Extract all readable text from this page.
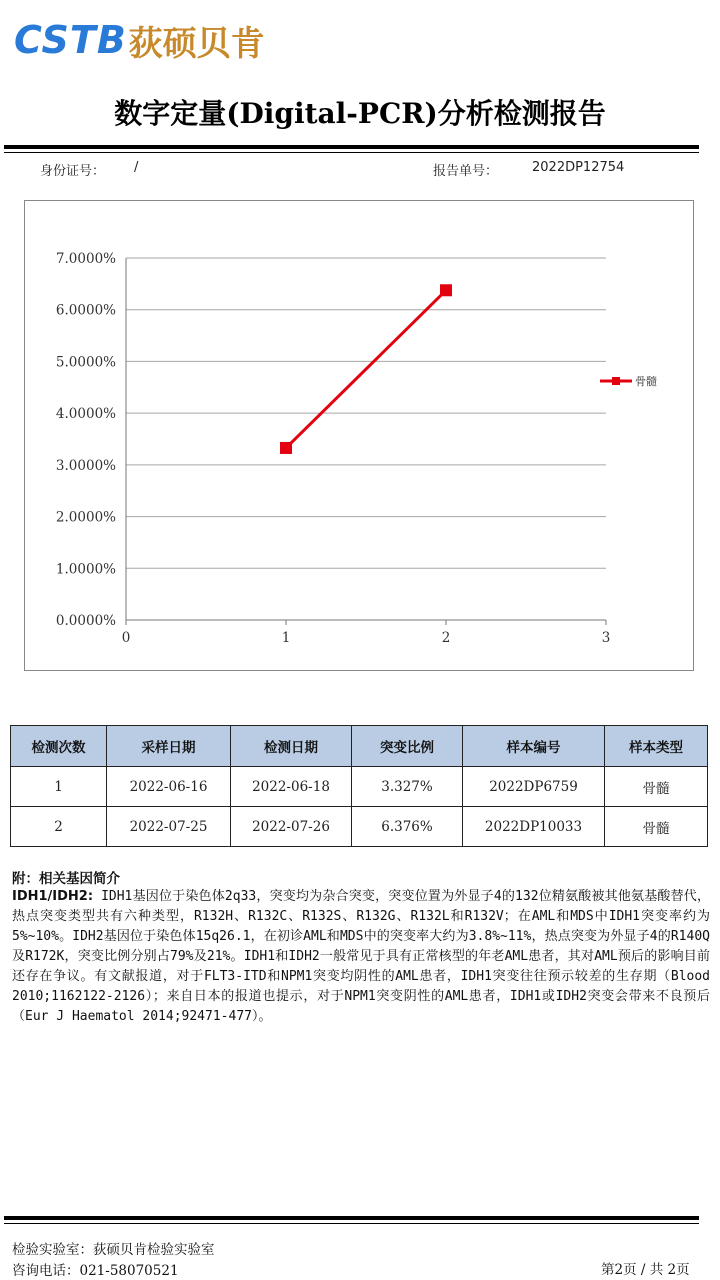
CSTB 荻硕贝肯
数字定量(Digital-PCR)分析检测报告
身份证号： /	报告单号：	2022DP12754
0.0000%
1.0000%
2.0000%
3.0000%
4.0000%
5.0000%
6.0000%
7.0000%
0	1	2	3
骨髓
检测次数	采样日期	检测日期	突变比例	样本编号	样本类型
1	2022-06-16	2022-06-18	3.327%	2022DP6759	骨髓
2	2022-07-25	2022-07-26	6.376%	2022DP10033	骨髓
附：相关基因简介
IDH1/IDH2: IDH1基因位于染色体2q33，突变均为杂合突变，突变位置为外显子4的132位精氨酸被其他氨基酸替代，热点突变类型共有六种类型，R132H、R132C、R132S、R132G、R132L和R132V；在AML和MDS中IDH1突变率约为5%~10%。IDH2基因位于染色体15q26.1，在初诊AML和MDS中的突变率大约为3.8%~11%，热点突变为外显子4的R140Q及R172K，突变比例分别占79%及21%。IDH1和IDH2一般常见于具有正常核型的年老AML患者，其对AML预后的影响目前还存在争议。有文献报道，对于FLT3-ITD和NPM1突变均阴性的AML患者，IDH1突变往往预示较差的生存期（Blood 2010;1162122-2126）；来自日本的报道也提示，对于NPM1突变阴性的AML患者，IDH1或IDH2突变会带来不良预后（Eur J Haematol 2014;92471-477）。
检验实验室：荻硕贝肯检验实验室
咨询电话：021-58070521	第2页 / 共 2页
